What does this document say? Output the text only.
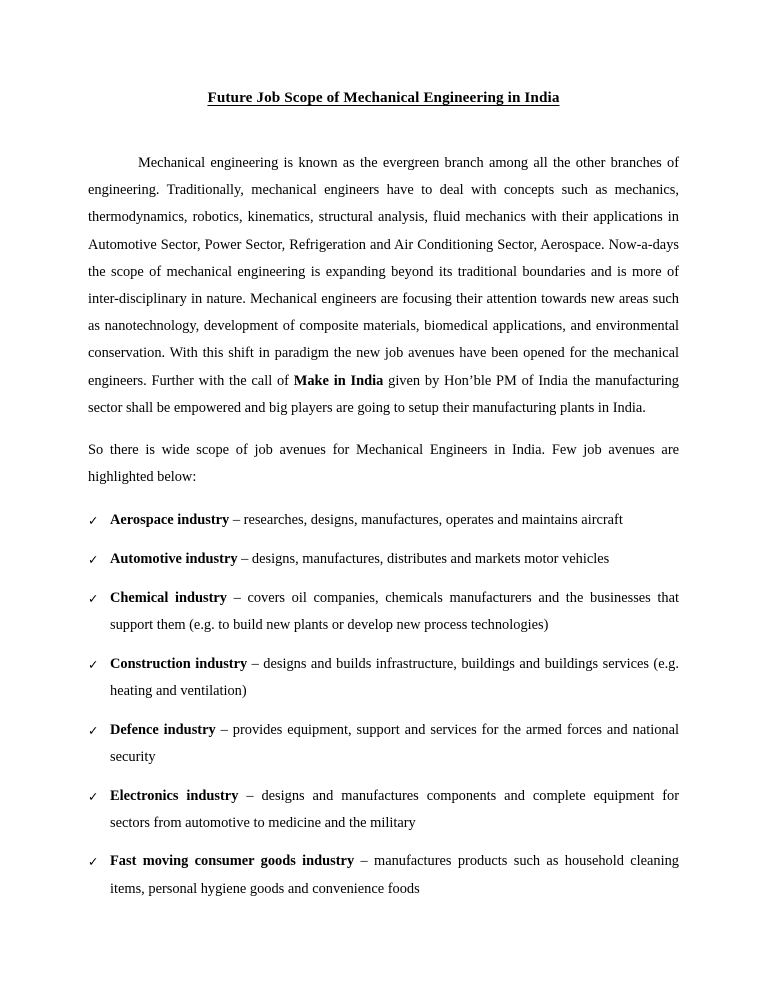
Future Job Scope of Mechanical Engineering in India

Mechanical engineering is known as the evergreen branch among all the other branches of engineering. Traditionally, mechanical engineers have to deal with concepts such as mechanics, thermodynamics, robotics, kinematics, structural analysis, fluid mechanics with their applications in Automotive Sector, Power Sector, Refrigeration and Air Conditioning Sector, Aerospace. Now-a-days the scope of mechanical engineering is expanding beyond its traditional boundaries and is more of inter-disciplinary in nature. Mechanical engineers are focusing their attention towards new areas such as nanotechnology, development of composite materials, biomedical applications, and environmental conservation. With this shift in paradigm the new job avenues have been opened for the mechanical engineers. Further with the call of Make in India given by Hon’ble PM of India the manufacturing sector shall be empowered and big players are going to setup their manufacturing plants in India.

So there is wide scope of job avenues for Mechanical Engineers in India. Few job avenues are highlighted below:

✓ Aerospace industry – researches, designs, manufactures, operates and maintains aircraft
✓ Automotive industry – designs, manufactures, distributes and markets motor vehicles
✓ Chemical industry – covers oil companies, chemicals manufacturers and the businesses that support them (e.g. to build new plants or develop new process technologies)
✓ Construction industry – designs and builds infrastructure, buildings and buildings services (e.g. heating and ventilation)
✓ Defence industry – provides equipment, support and services for the armed forces and national security
✓ Electronics industry – designs and manufactures components and complete equipment for sectors from automotive to medicine and the military
✓ Fast moving consumer goods industry – manufactures products such as household cleaning items, personal hygiene goods and convenience foods
